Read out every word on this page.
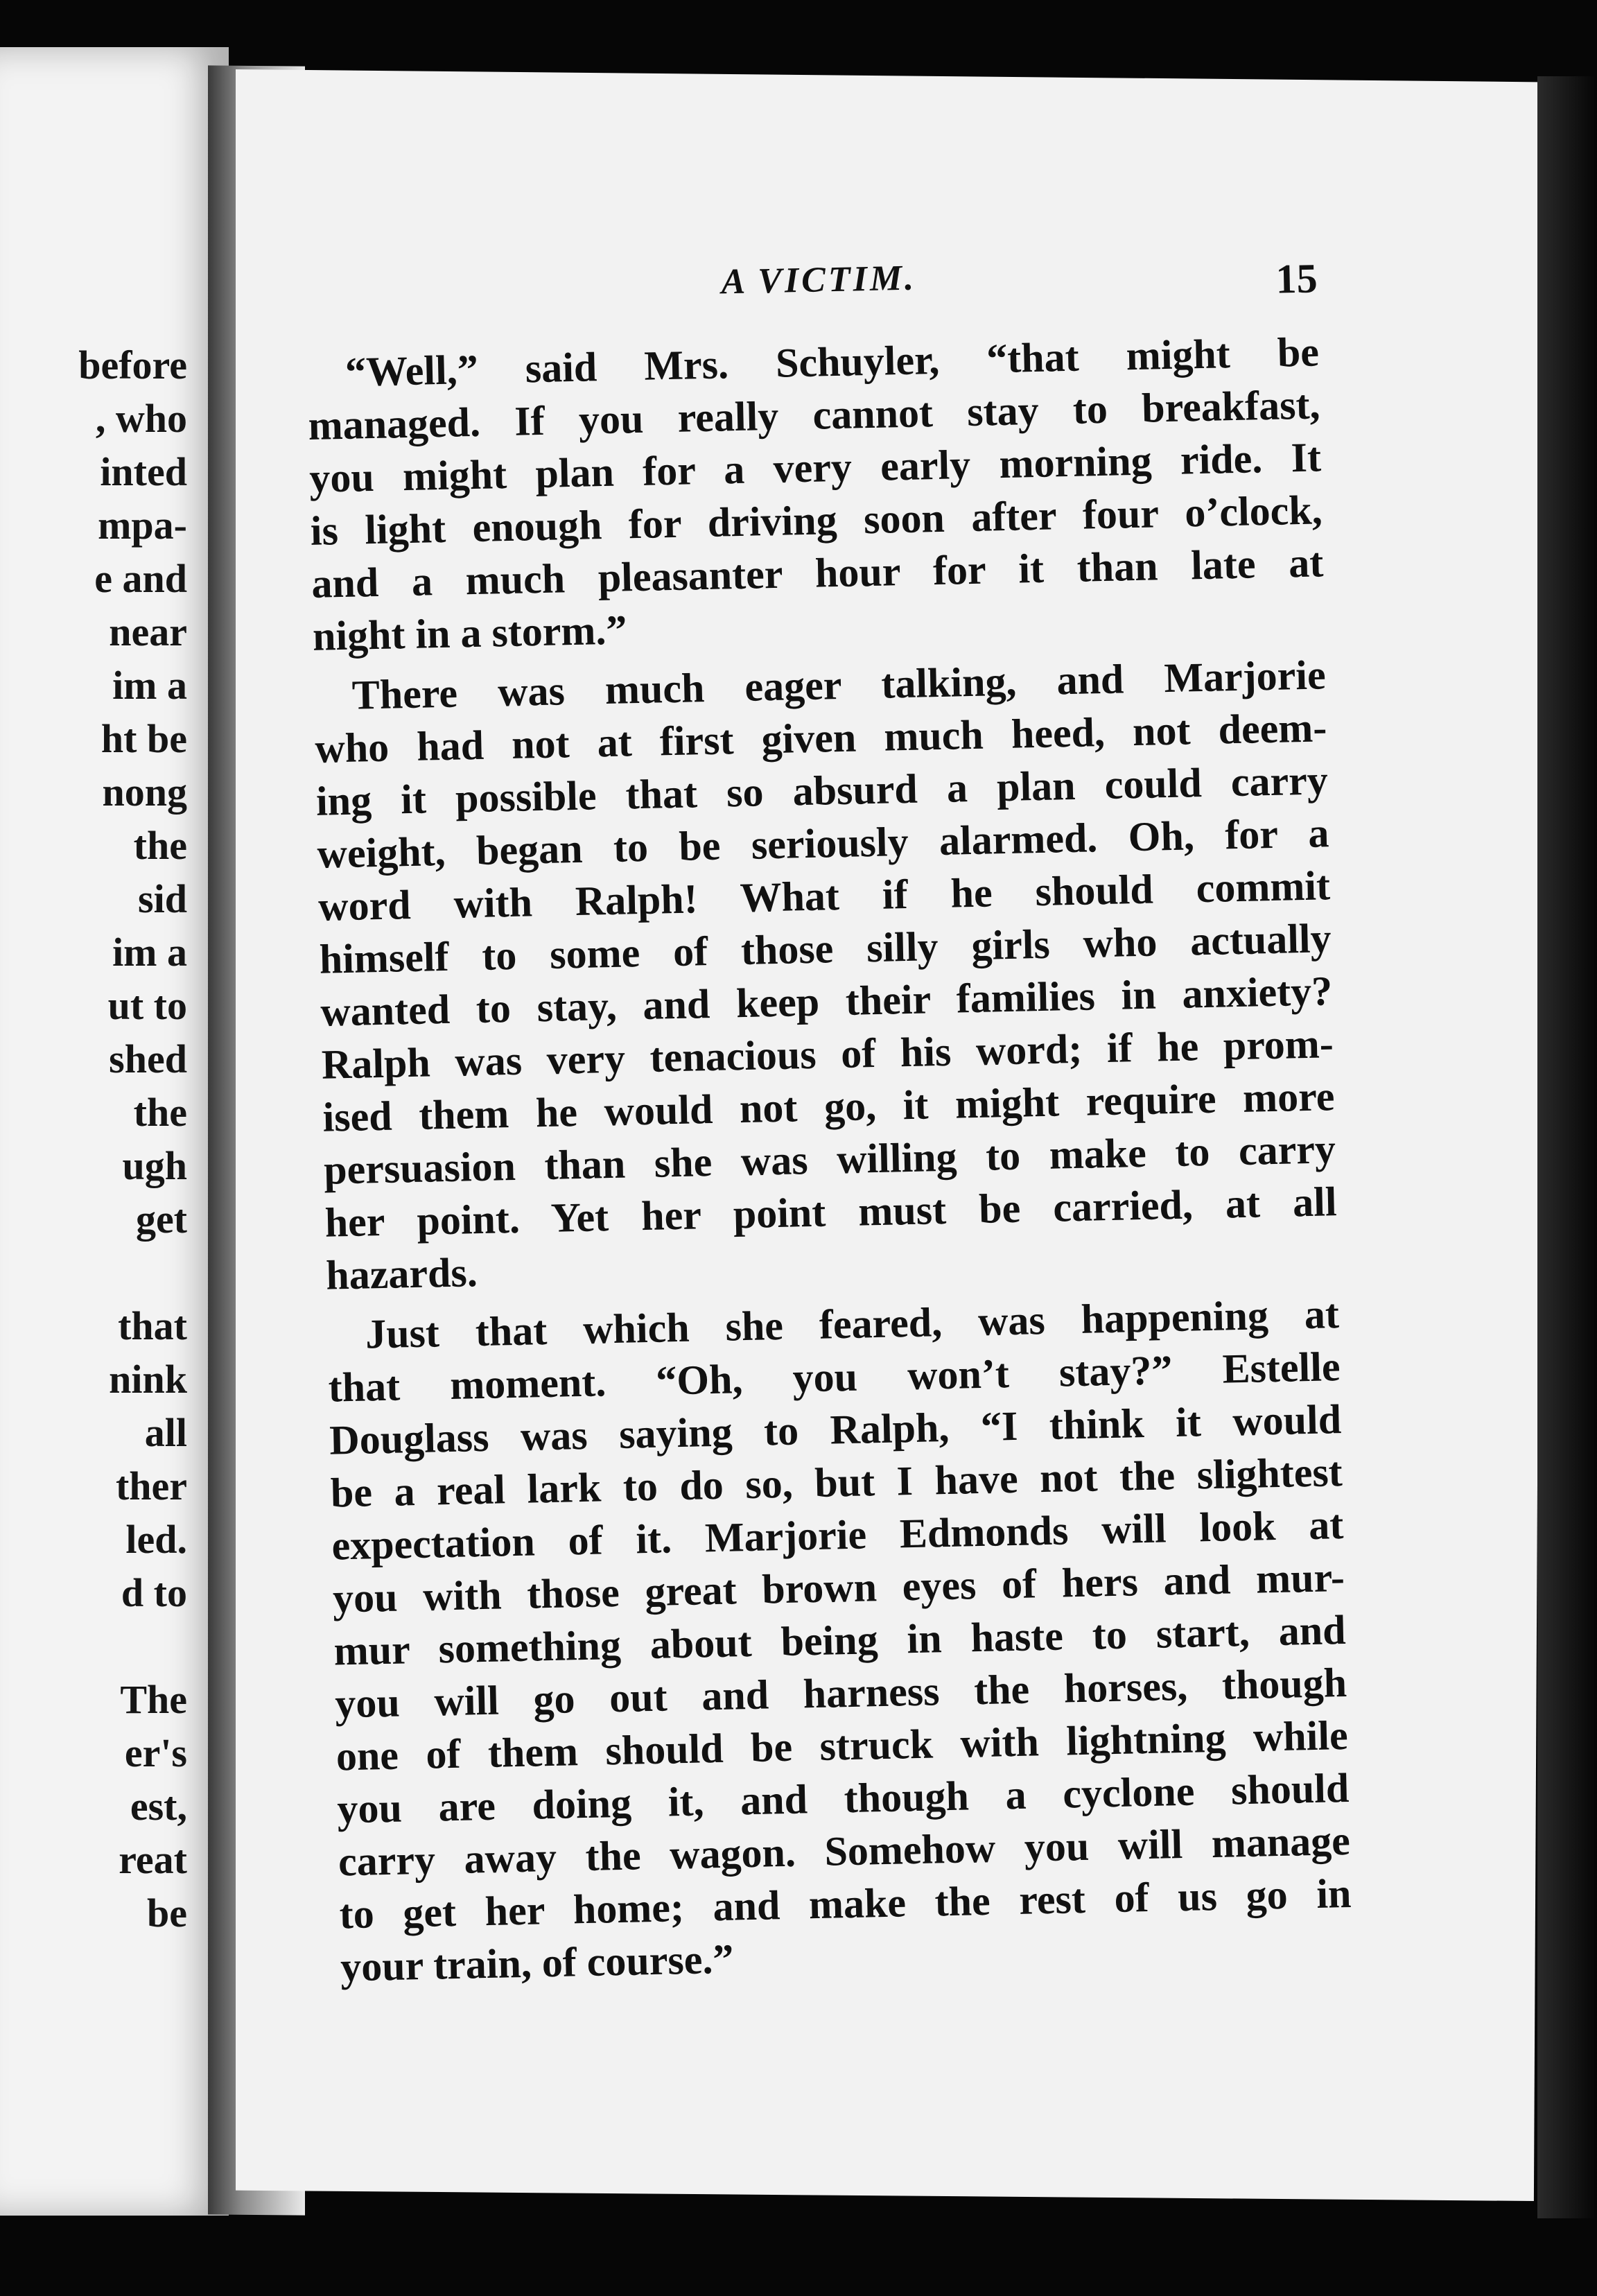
before
, who
inted
mpa-
e and
near
im a
ht be
nong
the
sid
im a
ut to
shed
the
ugh
get
that
nink
all
ther
led.
d to
The
er's
est,
reat
be
A VICTIM.	15
“Well,” said Mrs. Schuyler, “that might be
managed. If you really cannot stay to breakfast,
you might plan for a very early morning ride. It
is light enough for driving soon after four o’clock,
and a much pleasanter hour for it than late at
night in a storm.”
There was much eager talking, and Marjorie
who had not at first given much heed, not deem-
ing it possible that so absurd a plan could carry
weight, began to be seriously alarmed. Oh, for a
word with Ralph! What if he should commit
himself to some of those silly girls who actually
wanted to stay, and keep their families in anxiety?
Ralph was very tenacious of his word; if he prom-
ised them he would not go, it might require more
persuasion than she was willing to make to carry
her point. Yet her point must be carried, at all
hazards.
Just that which she feared, was happening at
that moment. “Oh, you won’t stay?” Estelle
Douglass was saying to Ralph, “I think it would
be a real lark to do so, but I have not the slightest
expectation of it. Marjorie Edmonds will look at
you with those great brown eyes of hers and mur-
mur something about being in haste to start, and
you will go out and harness the horses, though
one of them should be struck with lightning while
you are doing it, and though a cyclone should
carry away the wagon. Somehow you will manage
to get her home; and make the rest of us go in
your train, of course.”
